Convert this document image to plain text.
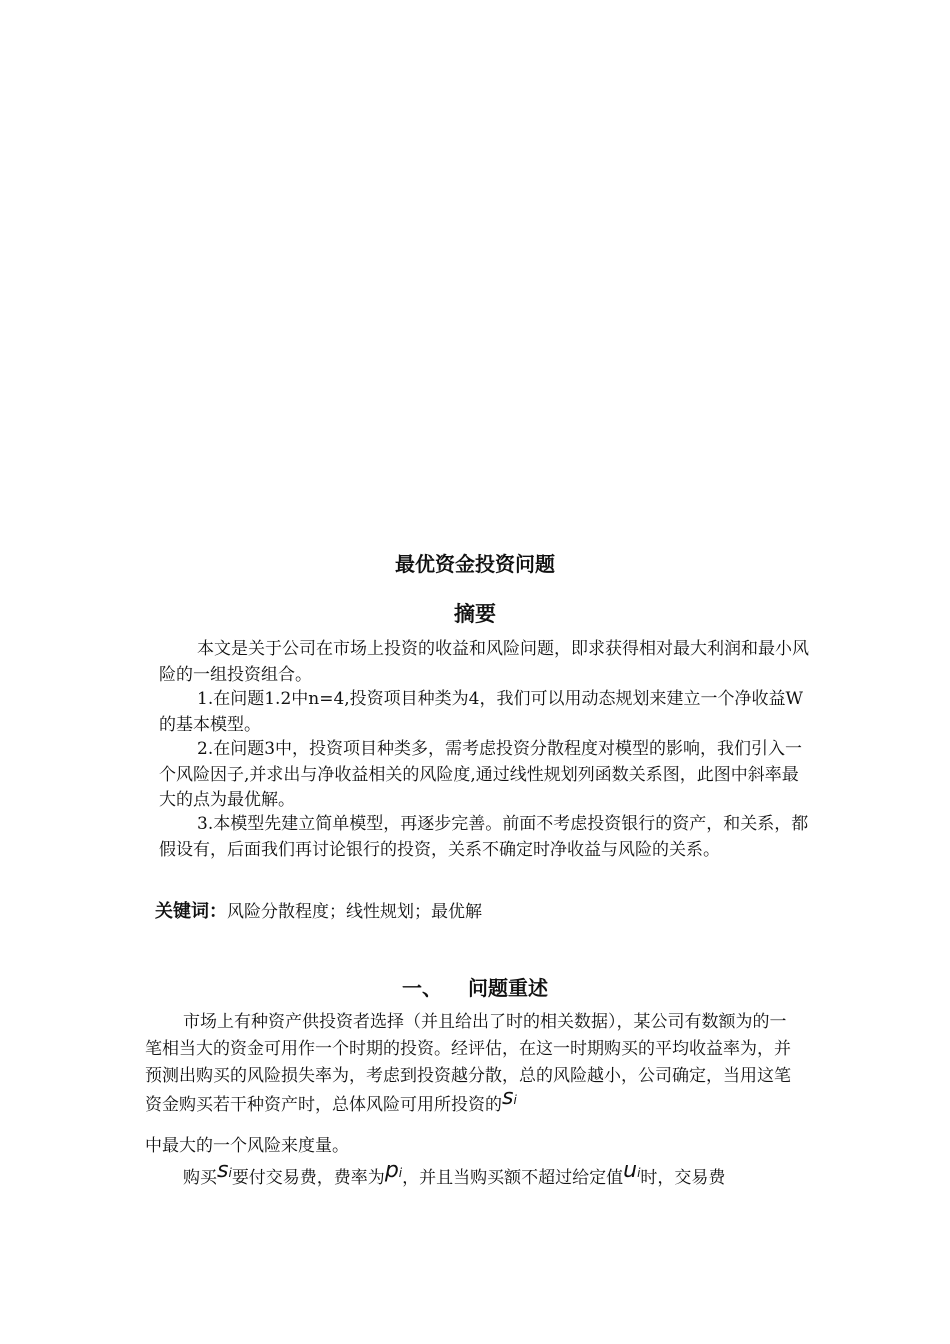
最优资金投资问题
摘要
本文是关于公司在市场上投资的收益和风险问题，即求获得相对最大利润和最小风险的一组投资组合。
1.在问题1.2中n=4,投资项目种类为4，我们可以用动态规划来建立一个净收益W的基本模型。
2.在问题3中，投资项目种类多，需考虑投资分散程度对模型的影响，我们引入一个风险因子,并求出与净收益相关的风险度,通过线性规划列函数关系图，此图中斜率最大的点为最优解。
3.本模型先建立简单模型，再逐步完善。前面不考虑投资银行的资产，和关系，都假设有，后面我们再讨论银行的投资，关系不确定时净收益与风险的关系。
关键词：风险分散程度；线性规划；最优解
一、 问题重述
市场上有种资产供投资者选择（并且给出了时的相关数据），某公司有数额为的一笔相当大的资金可用作一个时期的投资。经评估，在这一时期购买的平均收益率为，并预测出购买的风险损失率为，考虑到投资越分散，总的风险越小，公司确定，当用这笔资金购买若干种资产时，总体风险可用所投资的si
中最大的一个风险来度量。
购买si要付交易费，费率为pi，并且当购买额不超过给定值ui时，交易费
